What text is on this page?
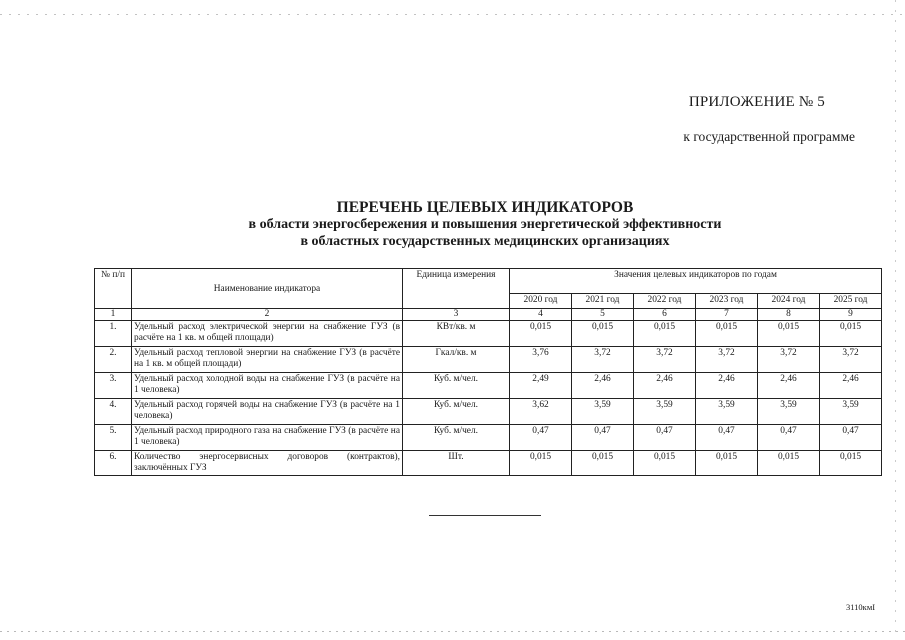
ПРИЛОЖЕНИЕ № 5
к государственной программе
ПЕРЕЧЕНЬ ЦЕЛЕВЫХ ИНДИКАТОРОВ
в области энергосбережения и повышения энергетической эффективности
в областных государственных медицинских организациях
№ п/п	Наименование индикатора	Единица измерения	Значения целевых индикаторов по годам					
			2020 год	2021 год	2022 год	2023 год	2024 год	2025 год
1	2	3	4	5	6	7	8	9
1.	Удельный расход электрической энергии на снабжение ГУЗ (в расчёте на 1 кв. м общей площади)	КВт/кв. м	0,015	0,015	0,015	0,015	0,015	0,015
2.	Удельный расход тепловой энергии на снабжение ГУЗ (в расчёте на 1 кв. м общей площади)	Гкал/кв. м	3,76	3,72	3,72	3,72	3,72	3,72
3.	Удельный расход холодной воды на снабжение ГУЗ (в расчёте на 1 человека)	Куб. м/чел.	2,49	2,46	2,46	2,46	2,46	2,46
4.	Удельный расход горячей воды на снабжение ГУЗ (в расчёте на 1 человека)	Куб. м/чел.	3,62	3,59	3,59	3,59	3,59	3,59
5.	Удельный расход природного газа на снабжение ГУЗ (в расчёте на 1 человека)	Куб. м/чел.	0,47	0,47	0,47	0,47	0,47	0,47
6.	Количество энергосервисных договоров (контрактов), заключённых ГУЗ	Шт.	0,015	0,015	0,015	0,015	0,015	0,015
3110кмI
